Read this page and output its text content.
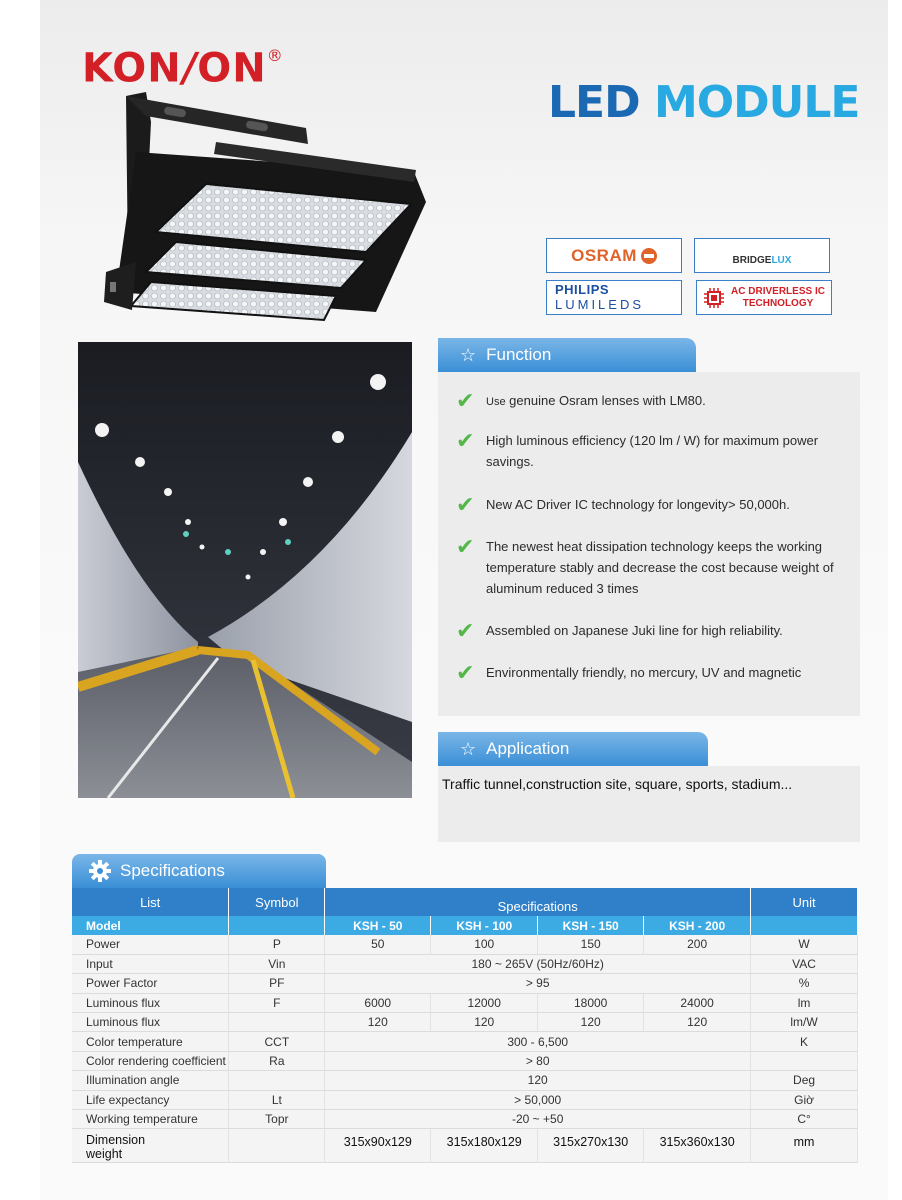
KON/ON®
LED MODULE
OSRAM	BRIDGELUX
PHILIPS
LUMILEDS
AC DRIVERLESS IC
TECHNOLOGY
☆ Function
✔	Use genuine Osram lenses with LM80.
✔ High luminous efficiency (120 lm / W) for maximum power savings.
✔ New AC Driver IC technology for longevity> 50,000h.
✔ The newest heat dissipation technology keeps the working temperature stably and decrease the cost because weight of aluminum reduced 3 times
✔ Assembled on Japanese Juki line for high reliability.
✔ Environmentally friendly, no mercury, UV and magnetic
☆ Application
Traffic tunnel,construction site, square, sports, stadium...
Specifications
List	Symbol	Specifications				Unit
Model		KSH - 50	KSH - 100	KSH - 150	KSH - 200	
Power	P	50	100	150	200	W
Input	Vin	180 ~ 265V (50Hz/60Hz)				VAC
Power Factor	PF	> 95				%
Luminous flux	F	6000	12000	18000	24000	lm
Luminous flux		120	120	120	120	lm/W
Color temperature	CCT	300 - 6,500				K
Color rendering coefficient	Ra	> 80				
Illumination angle		120				Deg
Life expectancy	Lt	> 50,000				Giờ
Working temperature	Topr	-20 ~ +50				C°

Dimension
weight		315x90x129	315x180x129	315x270x130	315x360x130	mm
